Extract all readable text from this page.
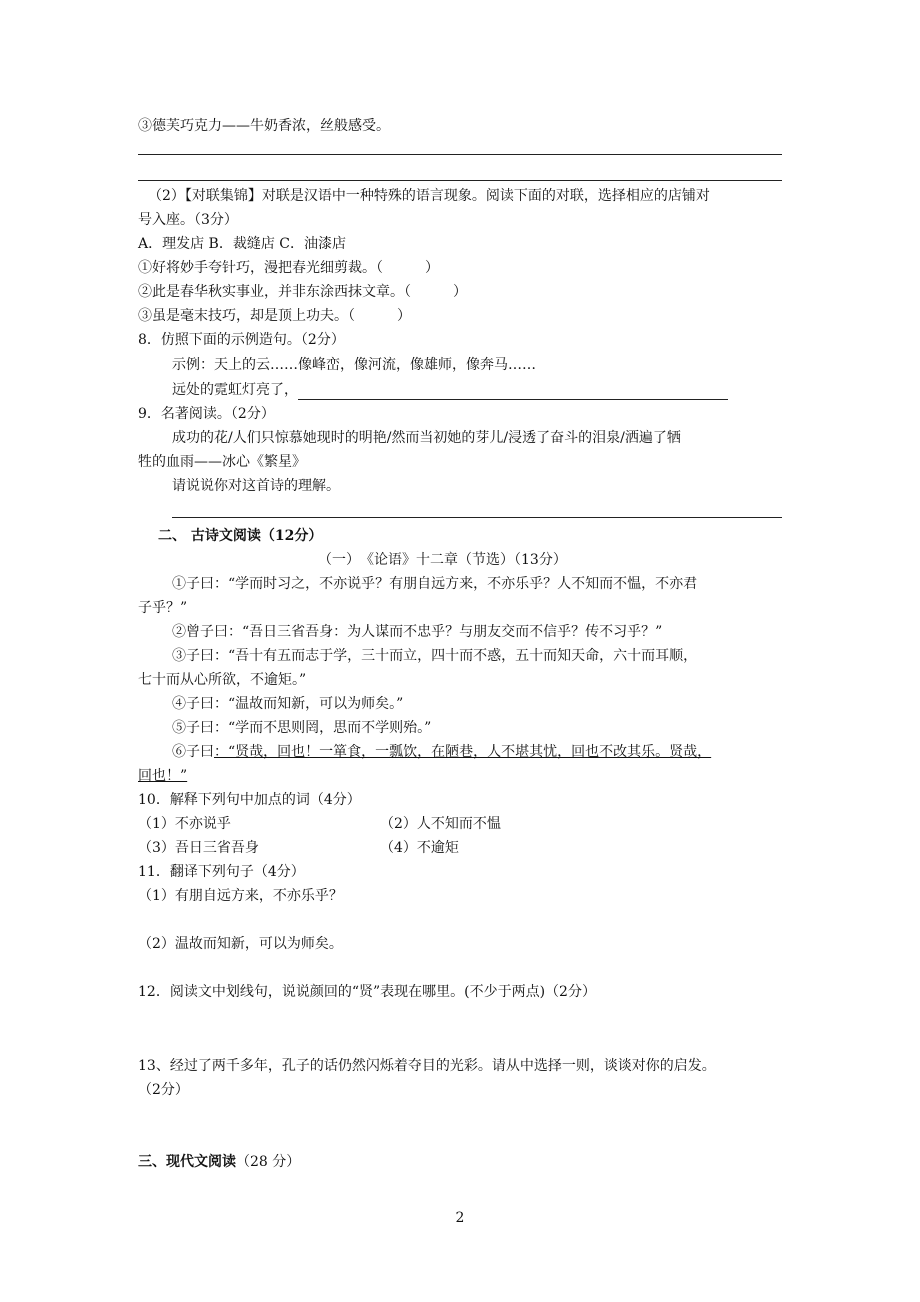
③德芙巧克力——牛奶香浓，丝般感受。
（2）【对联集锦】对联是汉语中一种特殊的语言现象。阅读下面的对联，选择相应的店铺对
号入座。（3分）
A．理发店 B．裁缝店 C．油漆店
①好将妙手夸针巧，漫把春光细剪裁。（　　　）
②此是春华秋实事业，并非东涂西抹文章。（　　　）
③虽是毫末技巧，却是顶上功夫。（　　　）
8．仿照下面的示例造句。（2分）
示例：天上的云……像峰峦，像河流，像雄师，像奔马……
远处的霓虹灯亮了，
9．名著阅读。（2分）
成功的花/人们只惊慕她现时的明艳/然而当初她的芽儿/浸透了奋斗的泪泉/洒遍了牺
牲的血雨——冰心《繁星》
请说说你对这首诗的理解。
二、 古诗文阅读（12分）
（一）　《论语》十二章（节选）（13分）
①子曰：“学而时习之，不亦说乎？有朋自远方来，不亦乐乎？人不知而不愠，不亦君
子乎？”
②曾子曰：“吾日三省吾身：为人谋而不忠乎？与朋友交而不信乎？传不习乎？”
③子曰：“吾十有五而志于学，三十而立，四十而不惑，五十而知天命，六十而耳顺，
七十而从心所欲，不逾矩。”
④子曰：“温故而知新，可以为师矣。”
⑤子曰：“学而不思则罔，思而不学则殆。”
⑥子曰：“贤哉，回也！一箪食，一瓢饮，在陋巷，人不堪其忧，回也不改其乐。贤哉，
回也！”
10．解释下列句中加点的词（4分）
（1）不亦说乎	（2）人不知而不愠
（3）吾日三省吾身	（4）不逾矩
11．翻译下列句子（4分）
（1）有朋自远方来，不亦乐乎？
（2）温故而知新，可以为师矣。
12．阅读文中划线句，说说颜回的“贤”表现在哪里。(不少于两点)（2分）
13、经过了两千多年，孔子的话仍然闪烁着夺目的光彩。请从中选择一则，谈谈对你的启发。
（2分）
三、现代文阅读（28 分）
2
